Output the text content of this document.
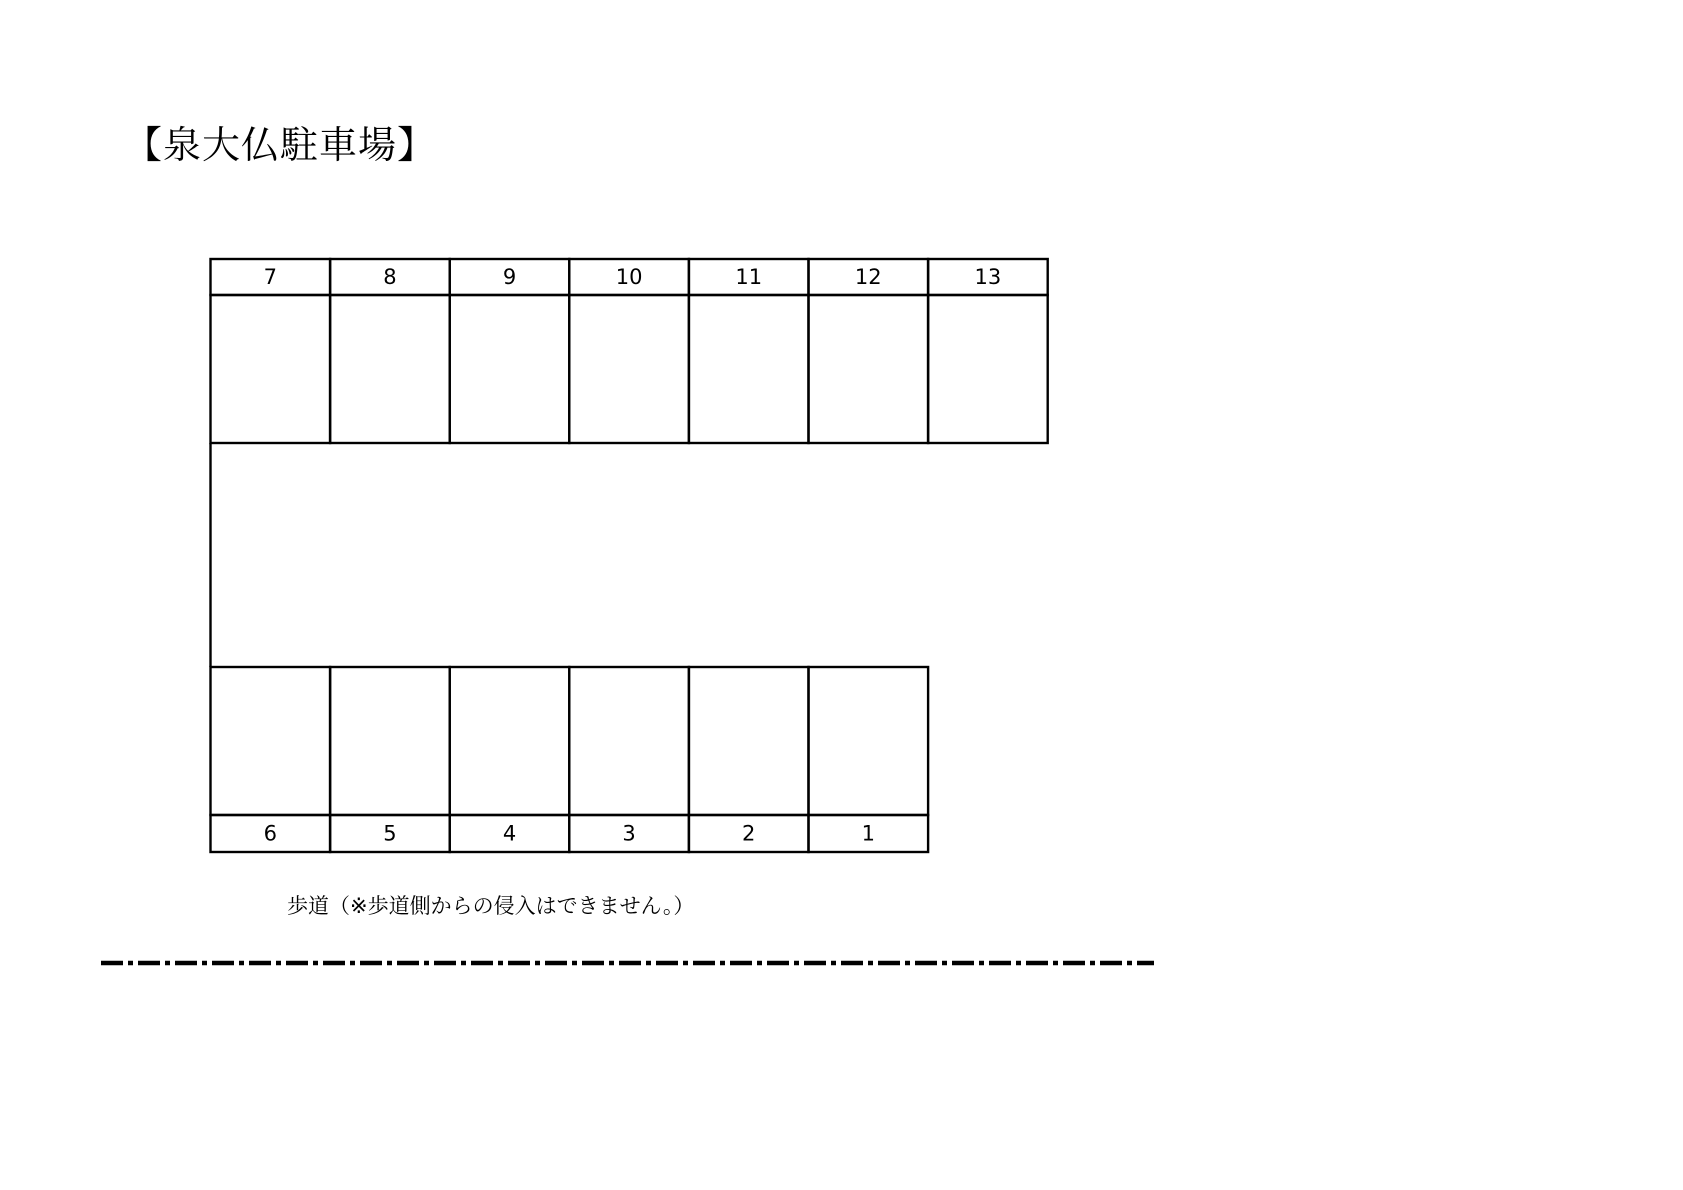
【泉大仏駐車場】
7	8	9	10	11	12	13
6	5	4	3	2	1
歩道（※歩道側からの侵入はできません。）
